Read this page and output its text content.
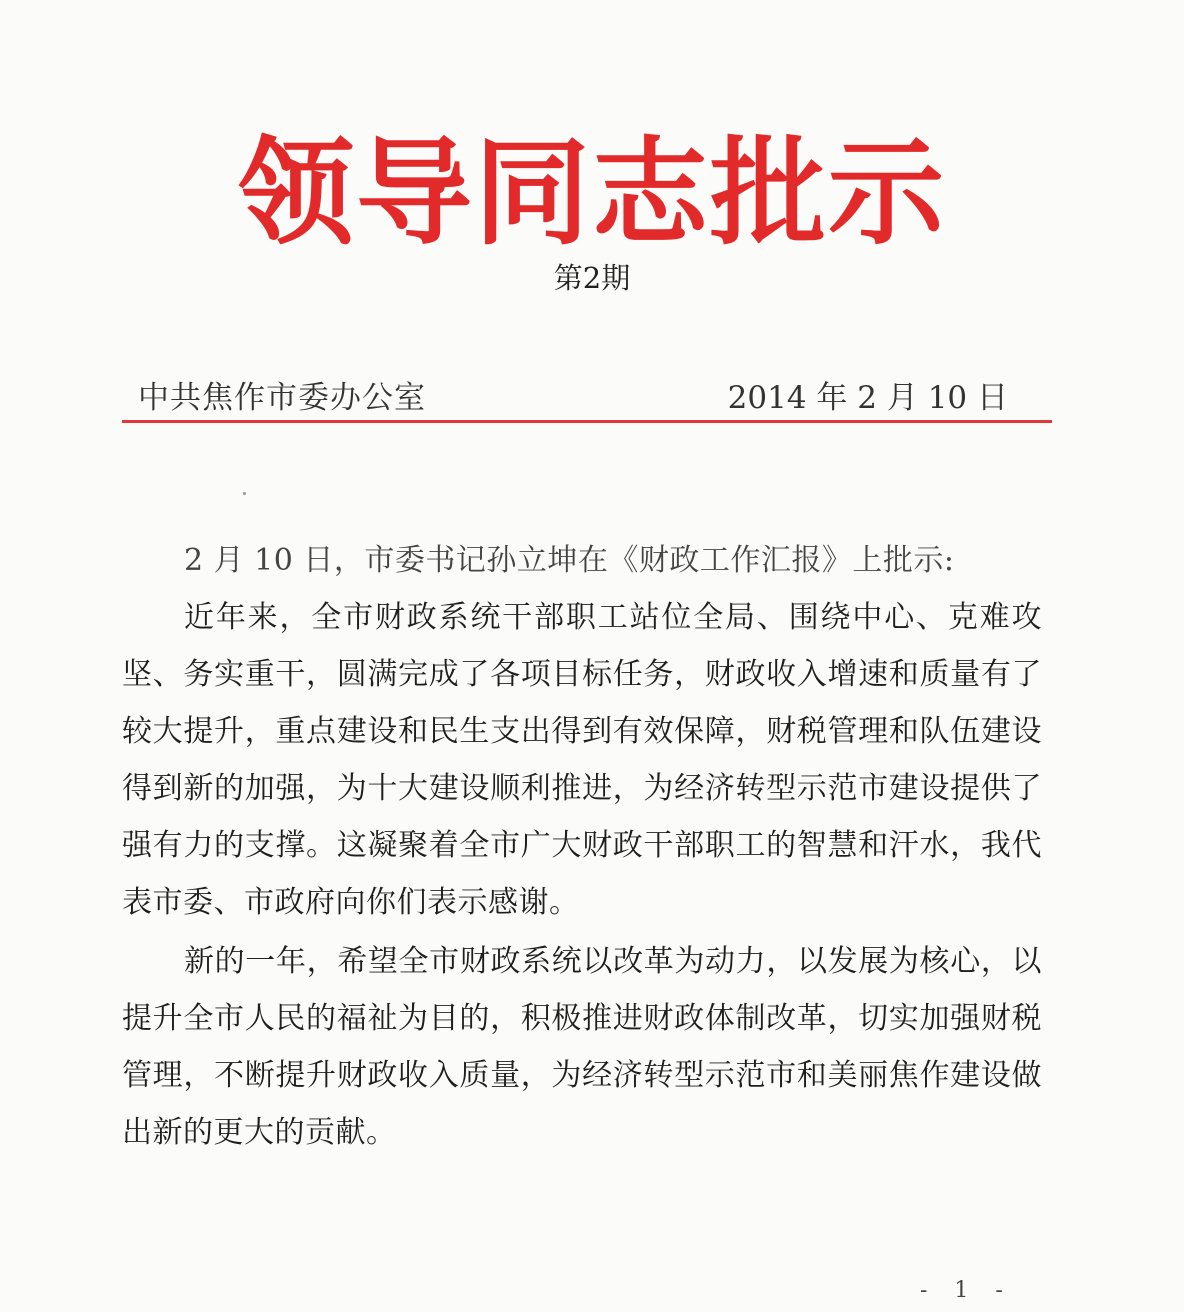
领导同志批示
第2期
中共焦作市委办公室	2014 年 2 月 10 日

2 月 10 日，市委书记孙立坤在《财政工作汇报》上批示:

近年来，全市财政系统干部职工站位全局、围绕中心、克难攻坚、务实重干，圆满完成了各项目标任务，财政收入增速和质量有了较大提升，重点建设和民生支出得到有效保障，财税管理和队伍建设得到新的加强，为十大建设顺利推进，为经济转型示范市建设提供了强有力的支撑。这凝聚着全市广大财政干部职工的智慧和汗水，我代表市委、市政府向你们表示感谢。

新的一年，希望全市财政系统以改革为动力，以发展为核心，以提升全市人民的福祉为目的，积极推进财政体制改革，切实加强财税管理，不断提升财政收入质量，为经济转型示范市和美丽焦作建设做出新的更大的贡献。

- 1 -
